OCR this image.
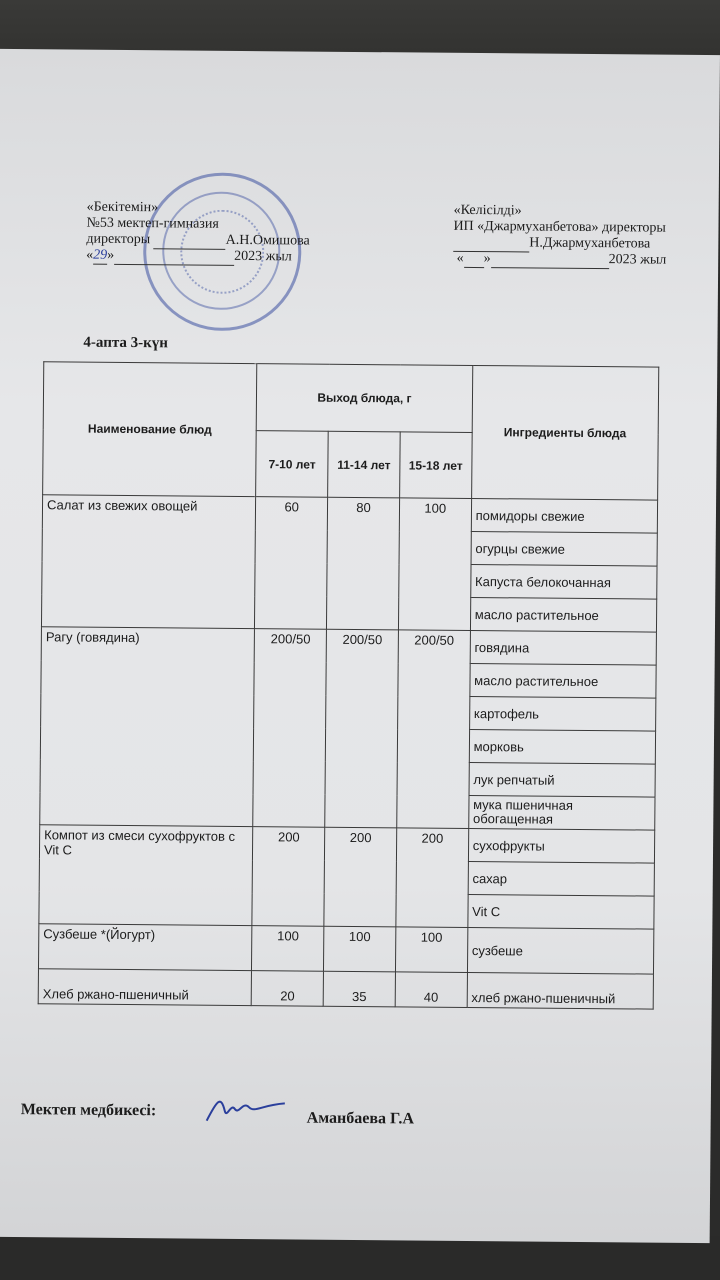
«Бекітемін»
№53 мектеп-гимназия
директоры	А.Н.Омишова
«29»	2023 жыл
«Келісілді»
ИП «Джармуханбетова» директоры
Н.Джармуханбетова
« »	2023 жыл
4-апта 3-күн
Наименование блюд	Выход блюда, г			Ингредиенты блюда
	7-10 лет	11-14 лет	15-18 лет	
Салат из свежих овощей	60	80	100	помидоры свежие
				огурцы свежие
				Капуста белокочанная
				масло растительное
Рагу (говядина)	200/50	200/50	200/50	говядина
				масло растительное
				картофель
				морковь
				лук репчатый
				мука пшеничная обогащенная
Компот из смеси сухофруктов с Vit C	200	200	200	сухофрукты
				сахар
				Vit C
Сузбеше *(Йогурт)	100	100	100	сузбеше
Хлеб ржано-пшеничный	20	35	40	хлеб ржано-пшеничный
Мектеп медбикесі:	Аманбаева Г.А
